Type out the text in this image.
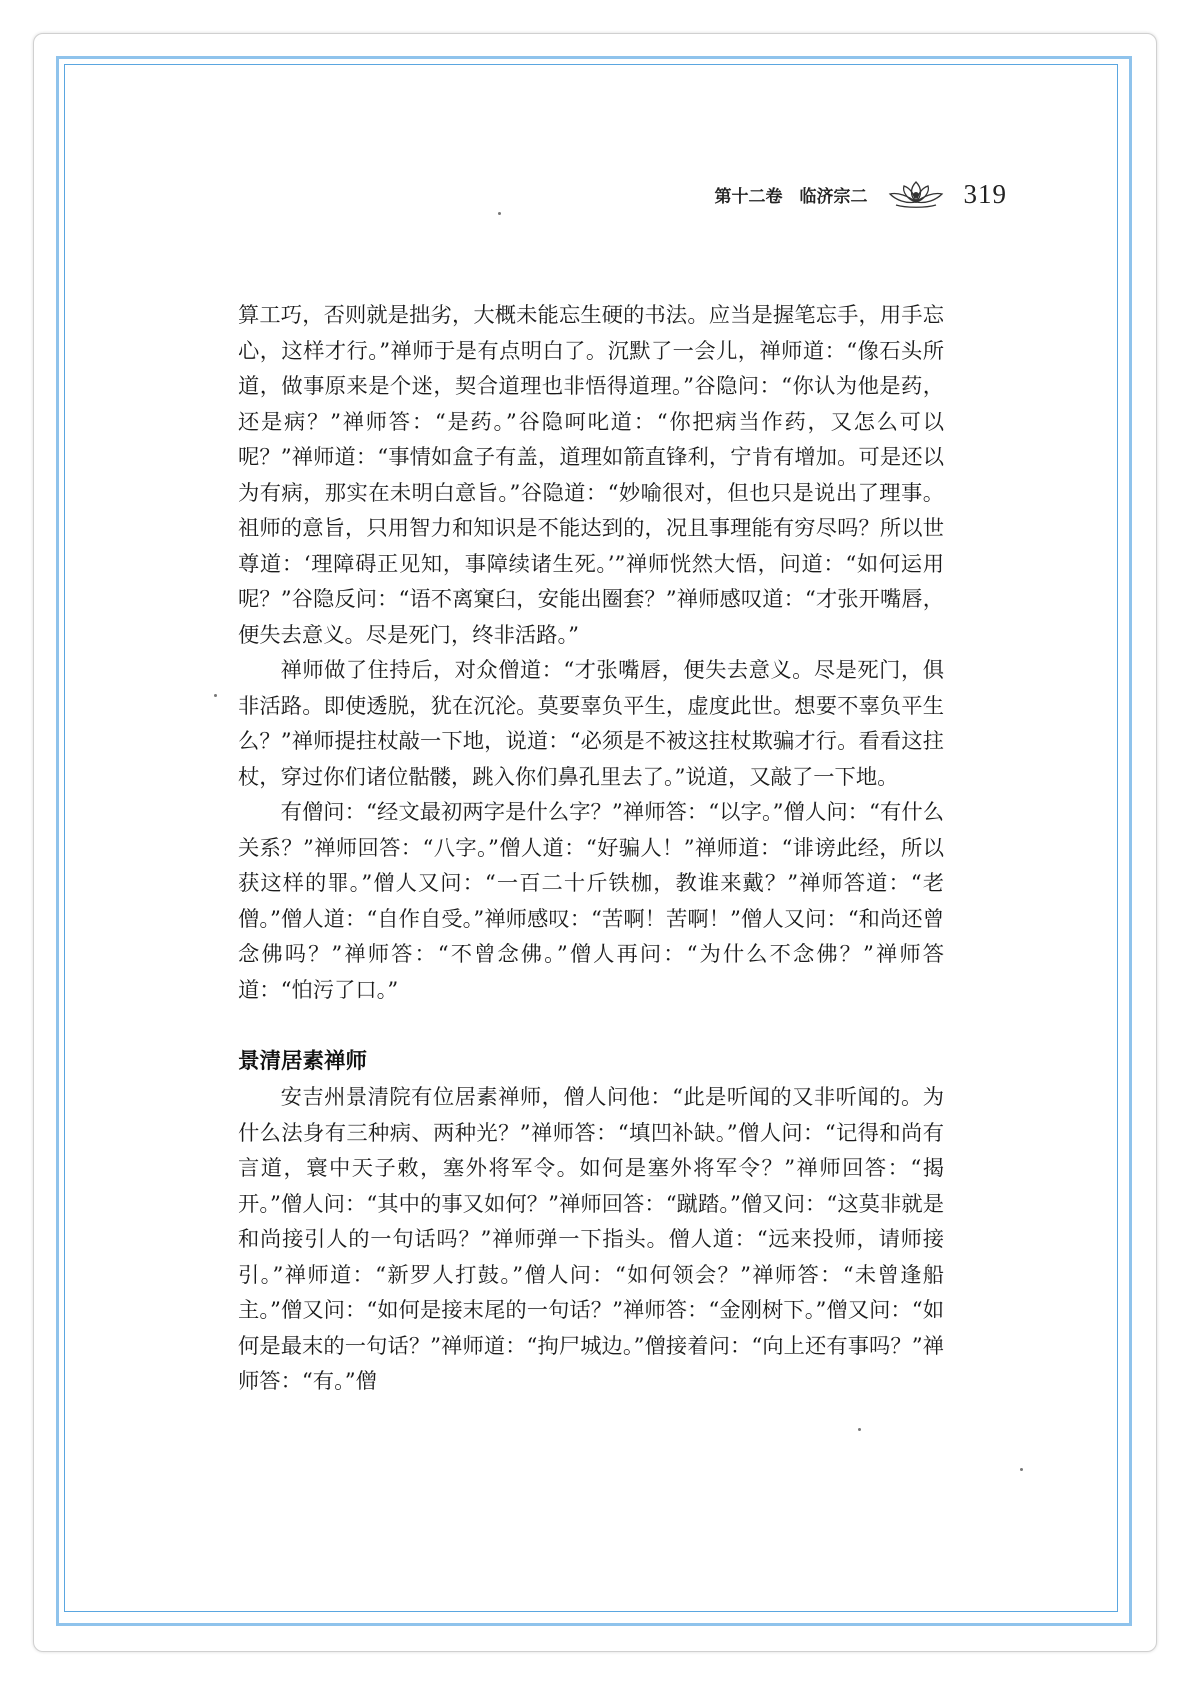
第十二卷　临济宗二	319

算工巧，否则就是拙劣，大概未能忘生硬的书法。应当是握笔忘手，用手忘心，这样才行。”禅师于是有点明白了。沉默了一会儿，禅师道：“像石头所道，做事原来是个迷，契合道理也非悟得道理。”谷隐问：“你认为他是药，还是病？”禅师答：“是药。”谷隐呵叱道：“你把病当作药，又怎么可以呢？”禅师道：“事情如盒子有盖，道理如箭直锋利，宁肯有增加。可是还以为有病，那实在未明白意旨。”谷隐道：“妙喻很对，但也只是说出了理事。祖师的意旨，只用智力和知识是不能达到的，况且事理能有穷尽吗？所以世尊道：‘理障碍正见知，事障续诸生死。’”禅师恍然大悟，问道：“如何运用呢？”谷隐反问：“语不离窠臼，安能出圈套？”禅师感叹道：“才张开嘴唇，便失去意义。尽是死门，终非活路。”

禅师做了住持后，对众僧道：“才张嘴唇，便失去意义。尽是死门，俱非活路。即使透脱，犹在沉沦。莫要辜负平生，虚度此世。想要不辜负平生么？”禅师提拄杖敲一下地，说道：“必须是不被这拄杖欺骗才行。看看这拄杖，穿过你们诸位骷髅，跳入你们鼻孔里去了。”说道，又敲了一下地。

有僧问：“经文最初两字是什么字？”禅师答：“以字。”僧人问：“有什么关系？”禅师回答：“八字。”僧人道：“好骗人！”禅师道：“诽谤此经，所以获这样的罪。”僧人又问：“一百二十斤铁枷，教谁来戴？”禅师答道：“老僧。”僧人道：“自作自受。”禅师感叹：“苦啊！苦啊！”僧人又问：“和尚还曾念佛吗？”禅师答：“不曾念佛。”僧人再问：“为什么不念佛？”禅师答道：“怕污了口。”

景清居素禅师

安吉州景清院有位居素禅师，僧人问他：“此是听闻的又非听闻的。为什么法身有三种病、两种光？”禅师答：“填凹补缺。”僧人问：“记得和尚有言道，寰中天子敕，塞外将军令。如何是塞外将军令？”禅师回答：“揭开。”僧人问：“其中的事又如何？”禅师回答：“蹴踏。”僧又问：“这莫非就是和尚接引人的一句话吗？”禅师弹一下指头。僧人道：“远来投师，请师接引。”禅师道：“新罗人打鼓。”僧人问：“如何领会？”禅师答：“未曾逢船主。”僧又问：“如何是接末尾的一句话？”禅师答：“金刚树下。”僧又问：“如何是最末的一句话？”禅师道：“拘尸城边。”僧接着问：“向上还有事吗？”禅师答：“有。”僧
